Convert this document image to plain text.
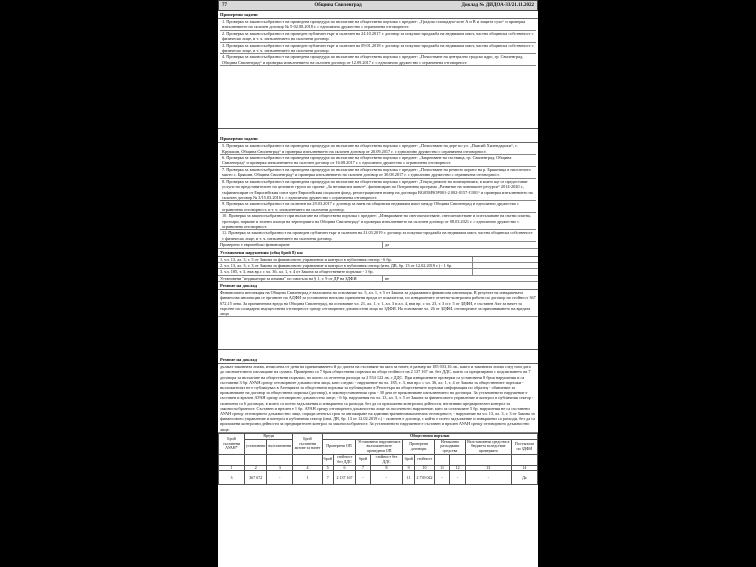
77	Община Свиленград	Доклад № ДИДОА-33/21.11.2022
Проверени задачи
1. Проверка за законосъобразност на проведена процедура по възлагане на обществена поръчка с предмет: „Градско площадно-хоте А и В и защита сухо“ и проверка изпълнението на склочен договор № 5-02.08.2018 г. с едноличнo дружество с ограничена отговорност.
2. Проверка за законосъобразност на проведен публичен търг и сключен на 24.10.2017 г. договор за покупко-продажба на недвижим имот, частна общинска собственост с физическо лице, и т. ч. изпълнението на склочени договор.
3. Проверка за законосъобразност на проведен публичен търг и сключен на 09.01.2018 г. договор за покупко-продажба на недвижим имот, частна общинска собственост с физическо лице, и т. ч. изпълнението на склочени договор.
4. Проверка за законосъобразност на проведена процедура по възлагане на обществена поръчка с предмет: „Почистване на централно градско ядро, гр. Свиленград, Община Свиленград“ и проверка изпълнението на склочен договор от 12.09.2017 г. с едноличнo дружество с ограничена отговорност.
Проверени задачи
5. Проверка за законосъобразност на проведена процедура по възлагане на обществена поръчка с предмет: „Почистване на дере по ул. „Паисий Хилендарски“, с. Крушкин, Община Свиленград“ и проверка изпълнението на склочен договор от 20.09.2017 г. с едноличнo дружество с ограничена отговорност.
6. Проверка за законосъобразност на проведена процедура по възлагане на обществена поръчка с предмет: „Закрепване на съствица, гр. Свиленград, Община Свиленград“ и проверка изпълнението на склочен договор от 16.08.2017 г. с едноличнo дружество с ограничена отговорност.
7. Проверка за законосъобразност на проведена процедура по възлагане на обществена поръчка с предмет: „Почистване на речното корито на р. Бряшница в населеното място с. Бряшин, Община Свиленград“ и проверка изпълнението на склочен договор от 30.08.2017 г. с едноличнo дружество с ограничена отговорност.
8. Проверка за законосъобразност на проведена процедура по възлагане на обществена поръчка с предмет: „Текущ ремонт на помещенията, в които ще се предоставят услуги на представителите на целевите групи по проект „За независим живот“, финансиран по Оперативна програма „Развитие на човешките ресурси“ 2014-2020 г., съфинансиран от Европейския съюз чрез Европейския социален фонд, регистрационен номер на договора BG05M9OP001-2.002-0157-C001“ и проверка изпълнението на склочен договор № 3/15.03.2016 г. с едноличнo дружество с ограничена отговорност.
9. Проверка за законосъобразност на сключен на 29.03.2017 г. договор за наем на общински недвижим имот между Община Свиленград и едноличнo дружество с ограничена отговорност, и т. ч. изпълнението на склочени договор.
10. Проверка за законосъобразност при възлагане на обществена поръчка с предмет: „Извършване на снегопочистване, снегоизчистване и опесъчаване на пътни платна, тротоари, паркове и зелени площи на територията на Община Свиленград“ и проверка изпълнението на склочен договор от 08.03.2021 г. с едноличнo дружество с ограничена отговорност.
11. Проверка за законосъобразност на проведен публичен търг и сключен на 21.03.2019 г. договор за покупко-продажба на недвижим имот, частна общинска собственост с физическо лице, и т. ч. изпълнението на склочени договор.
Проверено е европейско финансиране	да
Установени нарушения (общ брой 8) на:
1. чл. 13, ал. 3, т. 5 от Закона за финансовото управление и контрол в публичния сектор - 6 бр.
2. чл. 13, ал. 3, т. 3 от Закона за финансовото управление и контрол в публичния сектор (изм. ДВ, бр. 13 от 12.02.2019 г.) - 1 бр.
3. чл. 185, т. 3, във вр.с с чл. 36, ал. 1, т. 4 от Закона за обществените поръчки - 1 бр.
Установени "индикатори за измама" по смисъла на § 1, т. 9 от ДР на ЗДФИ	не
Резюме на доклад
Финансовата инспекция на Община Свиленград е възложена на основание чл. 5, ал. 1, т. 5 от Закона за държавната финансова инспекция. В резултат на извършената финансова инспекция се органите на АДФИ за установени непълно причинени вреди от показатели, по извършените отчетно-контролни работи по договор на стойност 367 672,15 лева. За причинената вреда на Община Свиленград, на основание чл. 21, ал. 1, т. 1, ал. 3 и ал. 4, във вр. с чл. 23, т. 3 и т. 5 от ЗДФИ, е съставен Акт за начет за търсене на солидарна имуществена отговорност срещу отговорните длъжностни лица по ЗДФИ. На основание чл. 26 от ЗДФИ, отговорните за причиняването на вредата лица
Резюме на доклад
дължат законната лихва, изчислена от деня на причиняването й до датата на съставяне на акта за начет, в размер на 185 033,16 лв., както и законната лихва след тази дата до окончателното изплащане на сумата. Проверени са 7 броя обществени поръчки на обща стойност на 2 137 167 лв. без ДДС, които са прецизирани с подписването на 7 договора за възлагане на обществени поръчки, по които са отчетени разходи за 2 554 122 лв. с ДДС. При извършените проверки са установени 8 броя нарушения и са съставени 3 бр. АУАН срещу отговорните длъжностни лица, като следва: - нарушение на чл. 185, т. 3, във вр.с с чл. 36, ал. 1, т. 4 от Закона за обществените поръчки - възложителят не е публикувал в Агенцията за обществени поръчки за публикуване в Регистъра на обществените поръчки информация по образец - обявление за приключване на договор за обществена поръчка (договор), в законоустановения срок - 30 дни от приключване изпълнението на договора. За установеното нарушение е съставен и връчен АУАН срещу отговорното длъжностно лице; - 6 бр. нарушения на чл. 13, ал. 3, т. 5 от Закона за финансовото управление и контрол в публичния сектор - сключени са 6 договора, в които са поети задължения и извършени са разходи, без да са приложени контролни дейности, негативни предварителен контрол за законосъобразност. Съставен и връчен е 1 бр. АУАН срещу отговорното длъжностно лице за посоченото нарушение, като за останалите 5 бр. нарушения не са съставени АУАН срещу отговорното длъжностно лице, поради изтекъл срок за ангажиране на административнонаказателна отговорност; - нарушение на чл. 13, ал. 3, т. 3 от Закона за финансовото управление и контрол в публичния сектор (изм. ДВ, бр. 13 от 12.02.2019 г.) - сключен е договор, с който е поето задължение и извършени са разходи, без да са приложени контролни дейности за предварителен контрол за законосъобразност. За установеното нарушение е съставен и връчен АУАН срещу отговорното длъжностно лице.
Брой съставени АУАН*	Вреди		Брой съставени актове за начет	Обществени поръчки									
	установени	възстановени		Проверени ОП		Установени нарушения в възложителите проведени ОП		Проверени договори		Незаконно разходвани средства		Възстановени средства в бюджета вследствие проверката	Постъпили по ЗДФИ
				брой	стойност без ДДС	брой	стойност без ДДС	брой	стойност				
1	2	3	4	5	6	7	8	9	10	11	12	13	14
3	367 672	-	1	7	2 137 167	-	-	11	2 739 042	-	-	-	Да
